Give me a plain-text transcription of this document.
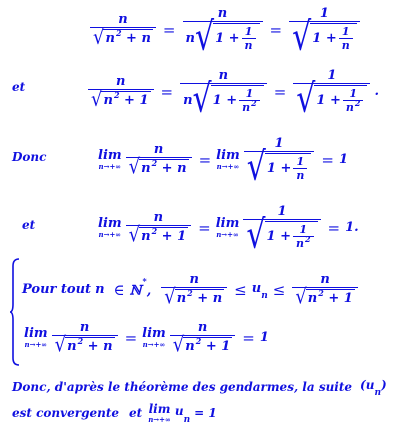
$\frac{n}{√ n^2 + n} = \frac{n}{n √ 1 + \frac{1}{n}} = \frac{1}{√ 1 + \frac{1}{n}}$
et	$\frac{n}{√ n^2 + 1} = \frac{n}{n √ 1 + \frac{1}{n^2}} = \frac{1}{√ 1 + \frac{1}{n^2}}$ .
Donc	lim
$n\to+\infty \frac{n}{√ n^2 + n} = \lim$
$n\to+\infty \frac{1}{√ 1 + \frac{1}{n}} = 1$
et	lim
$n\to+\infty \frac{n}{√ n^2 + 1} = \lim$
$n\to+\infty \frac{1}{√ 1 + \frac{1}{n^2}} = 1$ .
Pour tout n ∈ ℕ*, $\frac{n}{√ n^2 + n} \le u_n \le \frac{n}{√ n^2 + 1}$
lim
$n\to+\infty \frac{n}{√ n^2 + n} = \lim$
$n\to+\infty \frac{n}{√ n^2 + 1} = 1$
Donc, d'après le théorème des gendarmes, la suite $(u_n)$
est convergente et lim
n→+∞
$u_n = 1$
